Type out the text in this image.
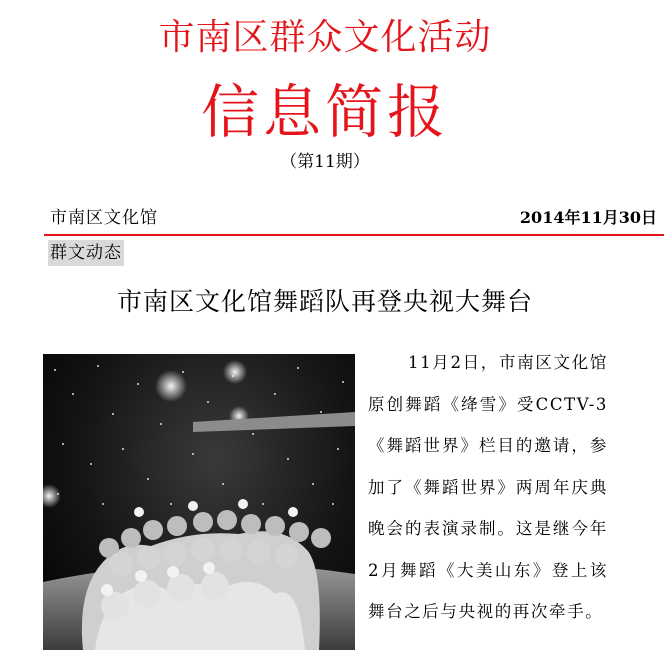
市南区群众文化活动
信息简报
（第11期）
市南区文化馆	2014年11月30日
群文动态
市南区文化馆舞蹈队再登央视大舞台
11月2日，市南区文化馆原创舞蹈《绛雪》受CCTV-3《舞蹈世界》栏目的邀请，参加了《舞蹈世界》两周年庆典晚会的表演录制。这是继今年2月舞蹈《大美山东》登上该舞台之后与央视的再次牵手。
